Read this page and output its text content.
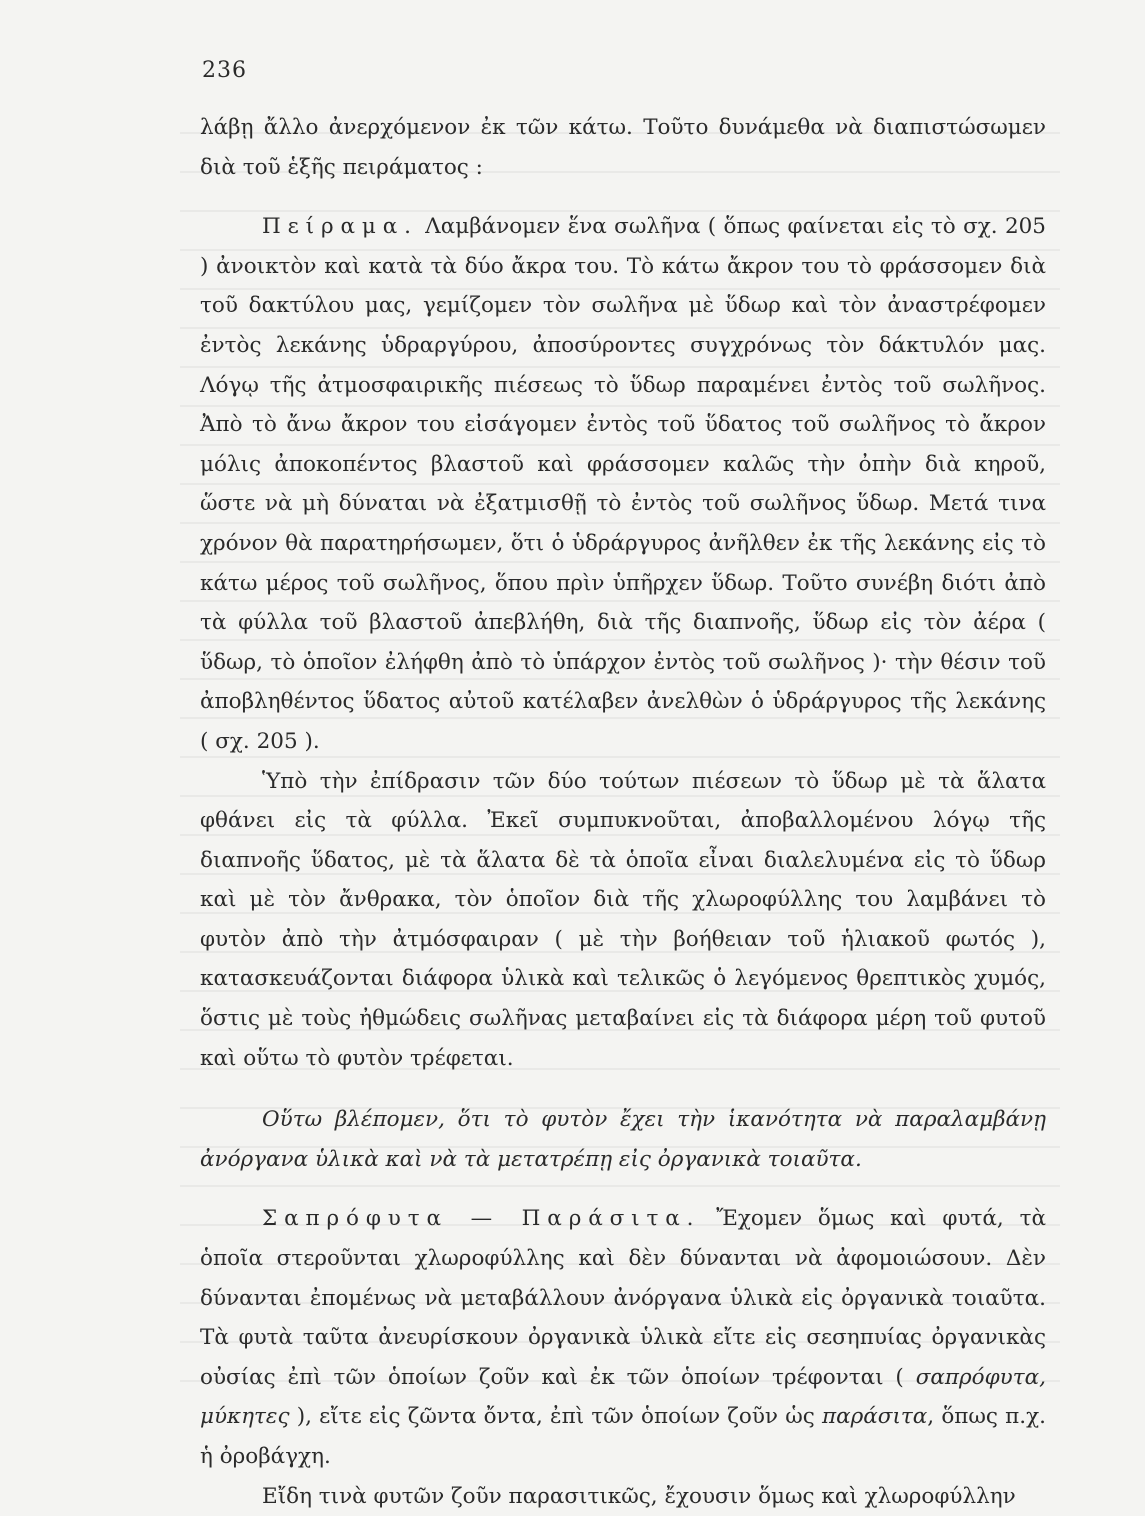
236

λάβῃ ἄλλο ἀνερχόμενον ἐκ τῶν κάτω. Τοῦτο δυνάμεθα νὰ διαπιστώσωμεν διὰ τοῦ ἑξῆς πειράματος :

Πείραμα. Λαμβάνομεν ἕνα σωλῆνα ( ὅπως φαίνεται εἰς τὸ σχ. 205 ) ἀνοικτὸν καὶ κατὰ τὰ δύο ἄκρα του. Τὸ κάτω ἄκρον του τὸ φράσσομεν διὰ τοῦ δακτύλου μας, γεμίζομεν τὸν σωλῆνα μὲ ὕδωρ καὶ τὸν ἀναστρέφομεν ἐντὸς λεκάνης ὑδραργύρου, ἀποσύροντες συγχρόνως τὸν δάκτυλόν μας. Λόγῳ τῆς ἀτμοσφαιρικῆς πιέσεως τὸ ὕδωρ παραμένει ἐντὸς τοῦ σωλῆνος. Ἀπὸ τὸ ἄνω ἄκρον του εἰσάγομεν ἐντὸς τοῦ ὕδατος τοῦ σωλῆνος τὸ ἄκρον μόλις ἀποκοπέντος βλαστοῦ καὶ φράσσομεν καλῶς τὴν ὀπὴν διὰ κηροῦ, ὥστε νὰ μὴ δύναται νὰ ἐξατμισθῇ τὸ ἐντὸς τοῦ σωλῆνος ὕδωρ. Μετά τινα χρόνον θὰ παρατηρήσωμεν, ὅτι ὁ ὑδράργυρος ἀνῆλθεν ἐκ τῆς λεκάνης εἰς τὸ κάτω μέρος τοῦ σωλῆνος, ὅπου πρὶν ὑπῆρχεν ὕδωρ. Τοῦτο συνέβη διότι ἀπὸ τὰ φύλλα τοῦ βλαστοῦ ἀπεβλήθη, διὰ τῆς διαπνοῆς, ὕδωρ εἰς τὸν ἀέρα ( ὕδωρ, τὸ ὁποῖον ἐλήφθη ἀπὸ τὸ ὑπάρχον ἐντὸς τοῦ σωλῆνος )· τὴν θέσιν τοῦ ἀποβληθέντος ὕδατος αὐτοῦ κατέλαβεν ἀνελθὼν ὁ ὑδράργυρος τῆς λεκάνης ( σχ. 205 ).

Ὑπὸ τὴν ἐπίδρασιν τῶν δύο τούτων πιέσεων τὸ ὕδωρ μὲ τὰ ἅλατα φθάνει εἰς τὰ φύλλα. Ἐκεῖ συμπυκνοῦται, ἀποβαλλομένου λόγῳ τῆς διαπνοῆς ὕδατος, μὲ τὰ ἅλατα δὲ τὰ ὁποῖα εἶναι διαλελυμένα εἰς τὸ ὕδωρ καὶ μὲ τὸν ἄνθρακα, τὸν ὁποῖον διὰ τῆς χλωροφύλλης του λαμβάνει τὸ φυτὸν ἀπὸ τὴν ἀτμόσφαιραν ( μὲ τὴν βοήθειαν τοῦ ἡλιακοῦ φωτός ), κατασκευάζονται διάφορα ὑλικὰ καὶ τελικῶς ὁ λεγόμενος θρεπτικὸς χυμός, ὅστις μὲ τοὺς ἠθμώδεις σωλῆνας μεταβαίνει εἰς τὰ διάφορα μέρη τοῦ φυτοῦ καὶ οὕτω τὸ φυτὸν τρέφεται.

Οὕτω βλέπομεν, ὅτι τὸ φυτὸν ἔχει τὴν ἱκανότητα νὰ παραλαμβάνῃ ἀνόργανα ὑλικὰ καὶ νὰ τὰ μετατρέπῃ εἰς ὀργανικὰ τοιαῦτα.

Σαπρόφυτα — Παράσιτα. Ἔχομεν ὅμως καὶ φυτά, τὰ ὁποῖα στεροῦνται χλωροφύλλης καὶ δὲν δύνανται νὰ ἀφομοιώσουν. Δὲν δύνανται ἐπομένως νὰ μεταβάλλουν ἀνόργανα ὑλικὰ εἰς ὀργανικὰ τοιαῦτα. Τὰ φυτὰ ταῦτα ἀνευρίσκουν ὀργανικὰ ὑλικὰ εἴτε εἰς σεσηπυίας ὀργανικὰς οὐσίας ἐπὶ τῶν ὁποίων ζοῦν καὶ ἐκ τῶν ὁποίων τρέφονται ( σαπρόφυτα, μύκητες ), εἴτε εἰς ζῶντα ὄντα, ἐπὶ τῶν ὁποίων ζοῦν ὡς παράσιτα, ὅπως π.χ. ἡ ὀροβάγχη.

Εἴδη τινὰ φυτῶν ζοῦν παρασιτικῶς, ἔχουσιν ὅμως καὶ χλωροφύλλην
